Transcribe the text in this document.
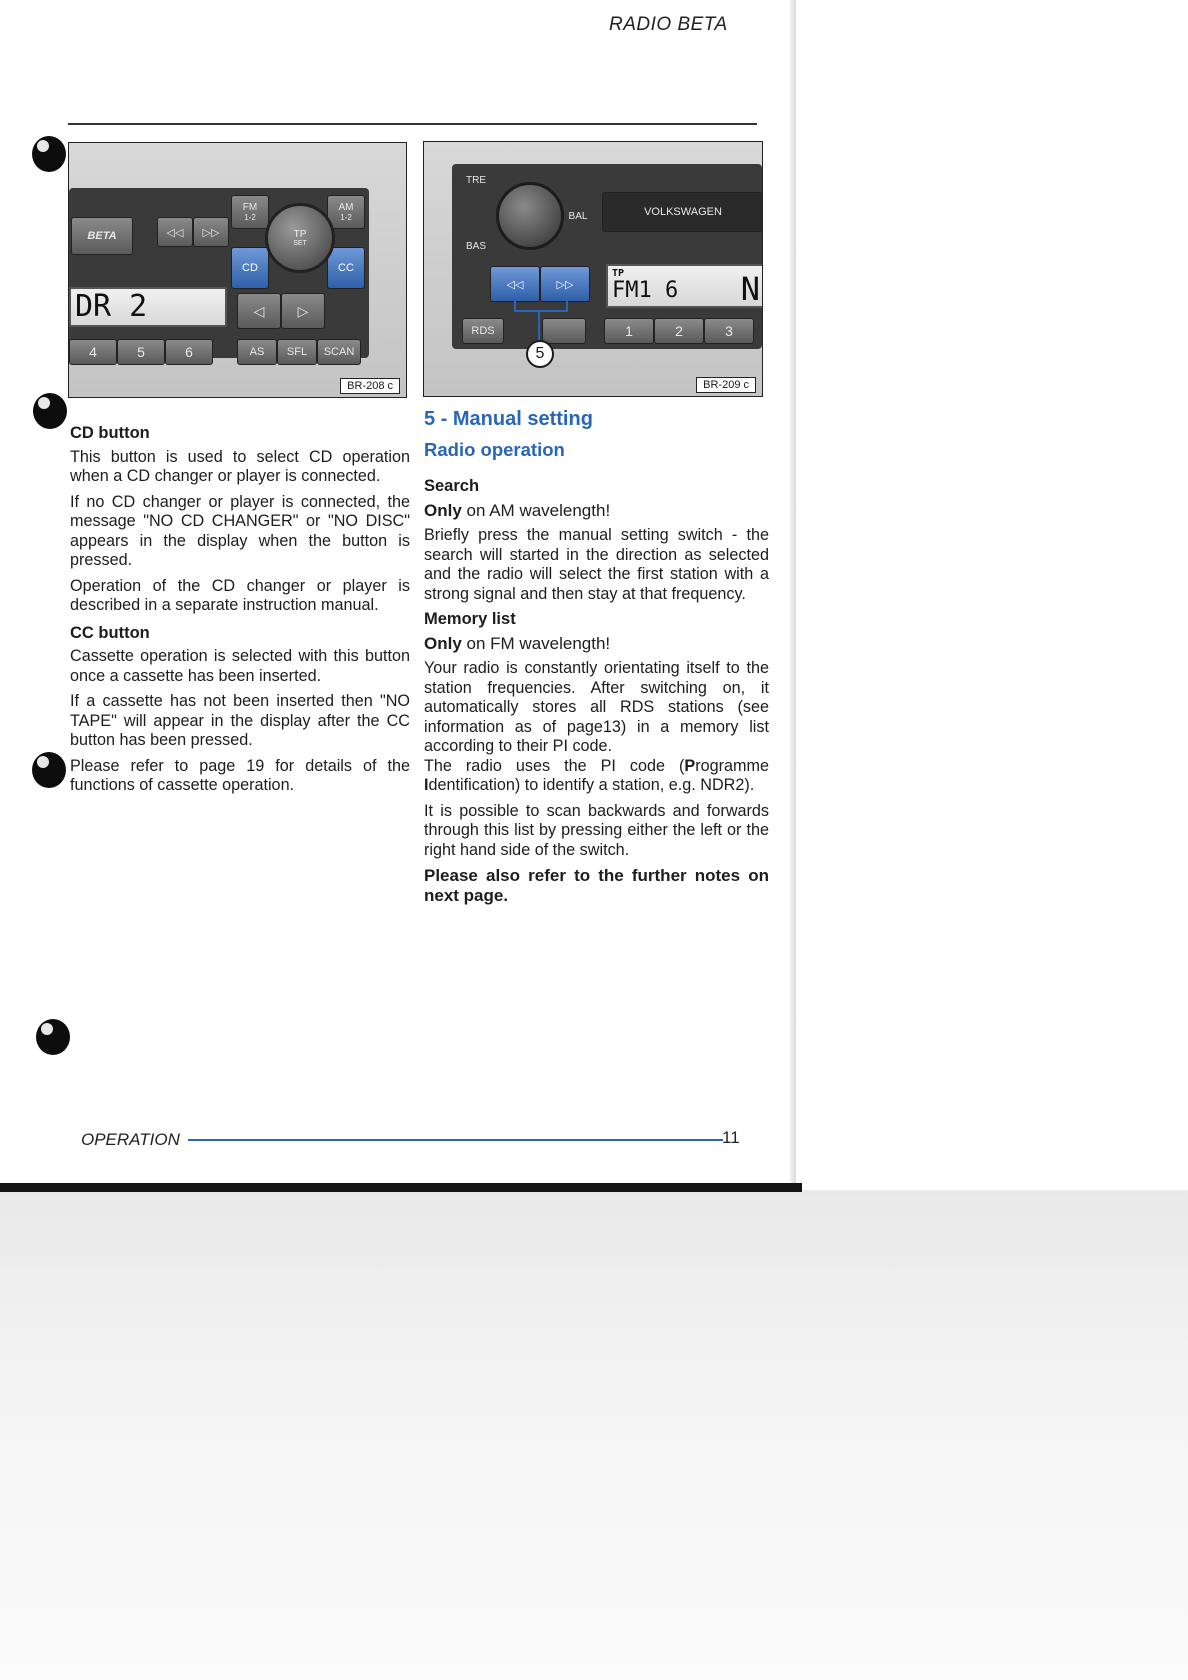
RADIO BETA
BETA	◁◁	▷▷
FM
1-2
AM
1-2
CD	CC
TP
SET
DR 2	◁	▷
4	5	6	AS	SFL	SCAN
BR-208 c
TRE
BAS
BAL	VOLKSWAGEN
◁◁	▷▷
TP
FM1 6 N
RDS	1	2	3
5
BR-209 c
CD button

This button is used to select CD operation when a CD changer or player is connected.

If no CD changer or player is connected, the message "NO CD CHANGER" or "NO DISC" appears in the display when the button is pressed.

Operation of the CD changer or player is described in a separate instruction manual.

CC button

Cassette operation is selected with this button once a cassette has been inserted.

If a cassette has not been inserted then "NO TAPE" will appear in the display after the CC button has been pressed.

Please refer to page 19 for details of the functions of cassette operation.

5 - Manual setting
Radio operation
Search

Only on AM wavelength!

Briefly press the manual setting switch - the search will started in the direction as selected and the radio will select the first station with a strong signal and then stay at that frequency.

Memory list

Only on FM wavelength!

Your radio is constantly orientating itself to the station frequencies. After switching on, it automatically stores all RDS stations (see information as of page13) in a memory list according to their PI code.

The radio uses the PI code (Programme Identification) to identify a station, e.g. NDR2).

It is possible to scan backwards and forwards through this list by pressing either the left or the right hand side of the switch.

Please also refer to the further notes on next page.

OPERATION	11
